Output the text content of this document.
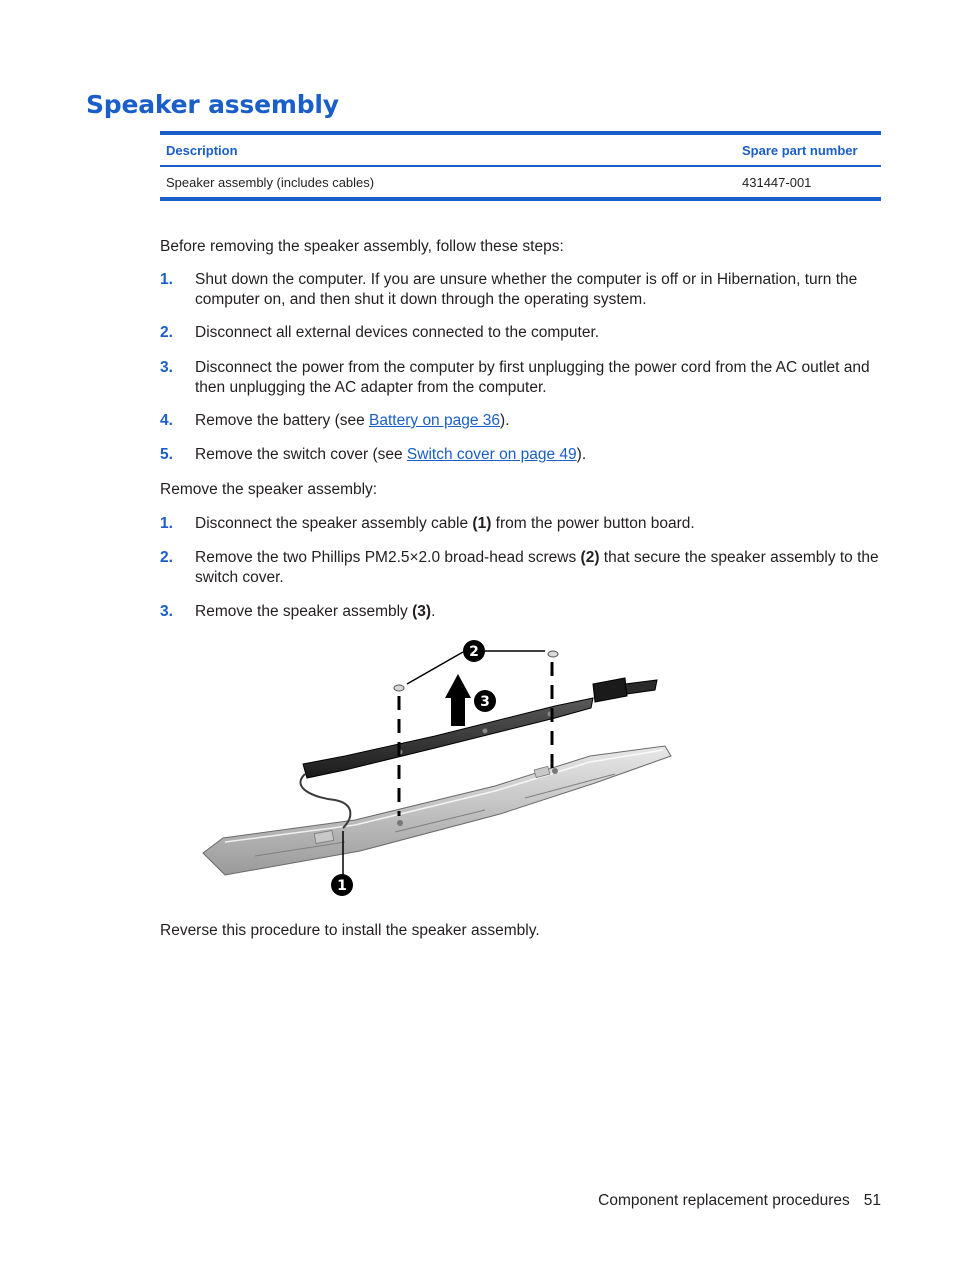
Speaker assembly
Description	Spare part number
Speaker assembly (includes cables)	431447-001

Before removing the speaker assembly, follow these steps:

1. Shut down the computer. If you are unsure whether the computer is off or in Hibernation, turn the computer on, and then shut it down through the operating system.
2. Disconnect all external devices connected to the computer.
3. Disconnect the power from the computer by first unplugging the power cord from the AC outlet and then unplugging the AC adapter from the computer.
4. Remove the battery (see Battery on page 36).
5. Remove the switch cover (see Switch cover on page 49).

Remove the speaker assembly:

1. Disconnect the speaker assembly cable (1) from the power button board.
2. Remove the two Phillips PM2.5×2.0 broad-head screws (2) that secure the speaker assembly to the switch cover.
3. Remove the speaker assembly (3).
2
3
1

Reverse this procedure to install the speaker assembly.

Component replacement procedures 51
